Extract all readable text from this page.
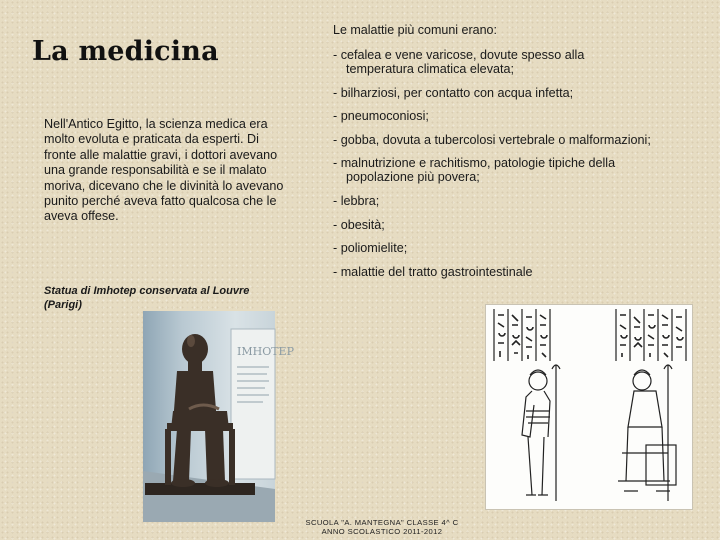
La medicina
Nell'Antico Egitto, la scienza medica era molto evoluta e praticata da esperti. Di fronte alle malattie gravi, i dottori avevano una grande responsabilità e se il malato moriva, dicevano che le divinità lo avevano punito perché aveva fatto qualcosa che le aveva offese.
Statua di Imhotep conservata al Louvre (Parigi)
IMHOTEP
Le malattie più comuni erano:
- cefalea e vene varicose, dovute spesso alla temperatura climatica elevata;
- bilharziosi, per contatto con acqua infetta;
- pneumoconiosi;
- gobba, dovuta a tubercolosi vertebrale o malformazioni;
- malnutrizione e rachitismo, patologie tipiche della popolazione più povera;
- lebbra;
- obesità;
- poliomielite;
- malattie del tratto gastrointestinale
SCUOLA "A. MANTEGNA" CLASSE 4^ C
ANNO SCOLASTICO 2011-2012
